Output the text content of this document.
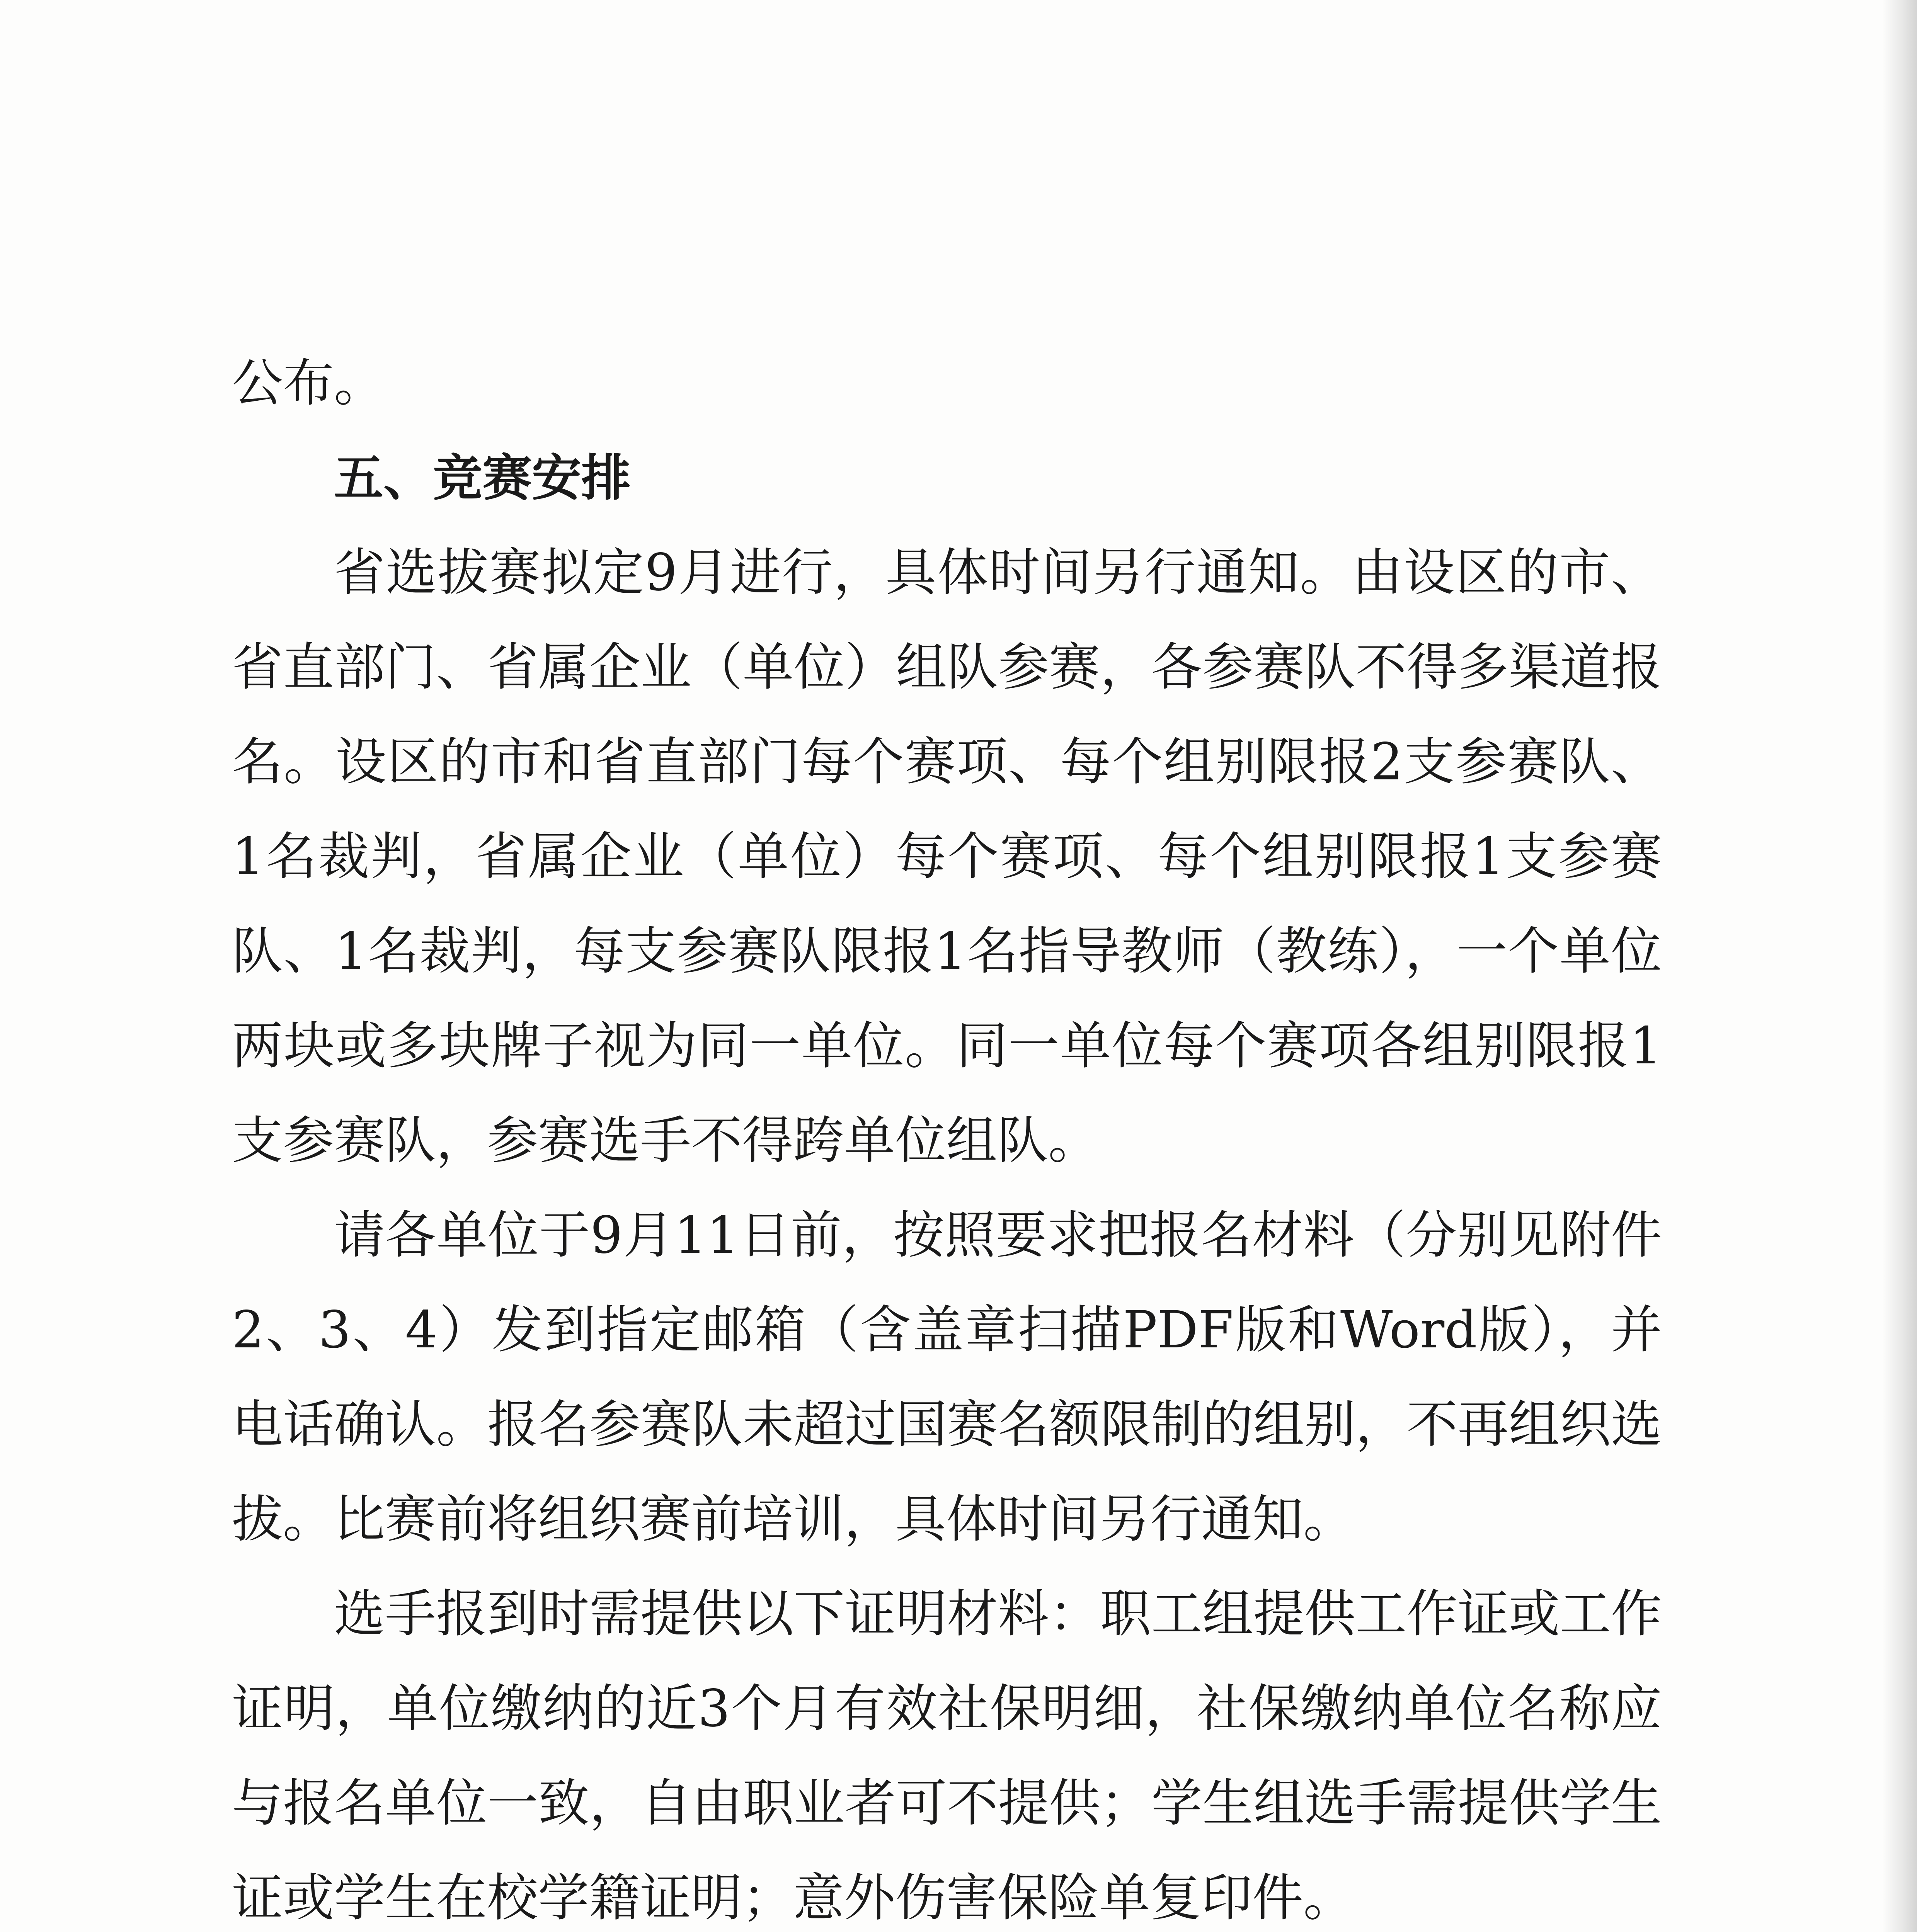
公布。

五、竞赛安排

省选拔赛拟定9月进行，具体时间另行通知。由设区的市、省直部门、省属企业（单位）组队参赛，各参赛队不得多渠道报名。设区的市和省直部门每个赛项、每个组别限报2支参赛队、1名裁判，省属企业（单位）每个赛项、每个组别限报1支参赛队、1名裁判，每支参赛队限报1名指导教师（教练），一个单位两块或多块牌子视为同一单位。同一单位每个赛项各组别限报1支参赛队，参赛选手不得跨单位组队。

请各单位于9月11日前，按照要求把报名材料（分别见附件2、3、4）发到指定邮箱（含盖章扫描PDF版和Word版），并电话确认。报名参赛队未超过国赛名额限制的组别，不再组织选拔。比赛前将组织赛前培训，具体时间另行通知。

选手报到时需提供以下证明材料：职工组提供工作证或工作证明，单位缴纳的近3个月有效社保明细，社保缴纳单位名称应与报名单位一致，自由职业者可不提供；学生组选手需提供学生证或学生在校学籍证明；意外伤害保险单复印件。
